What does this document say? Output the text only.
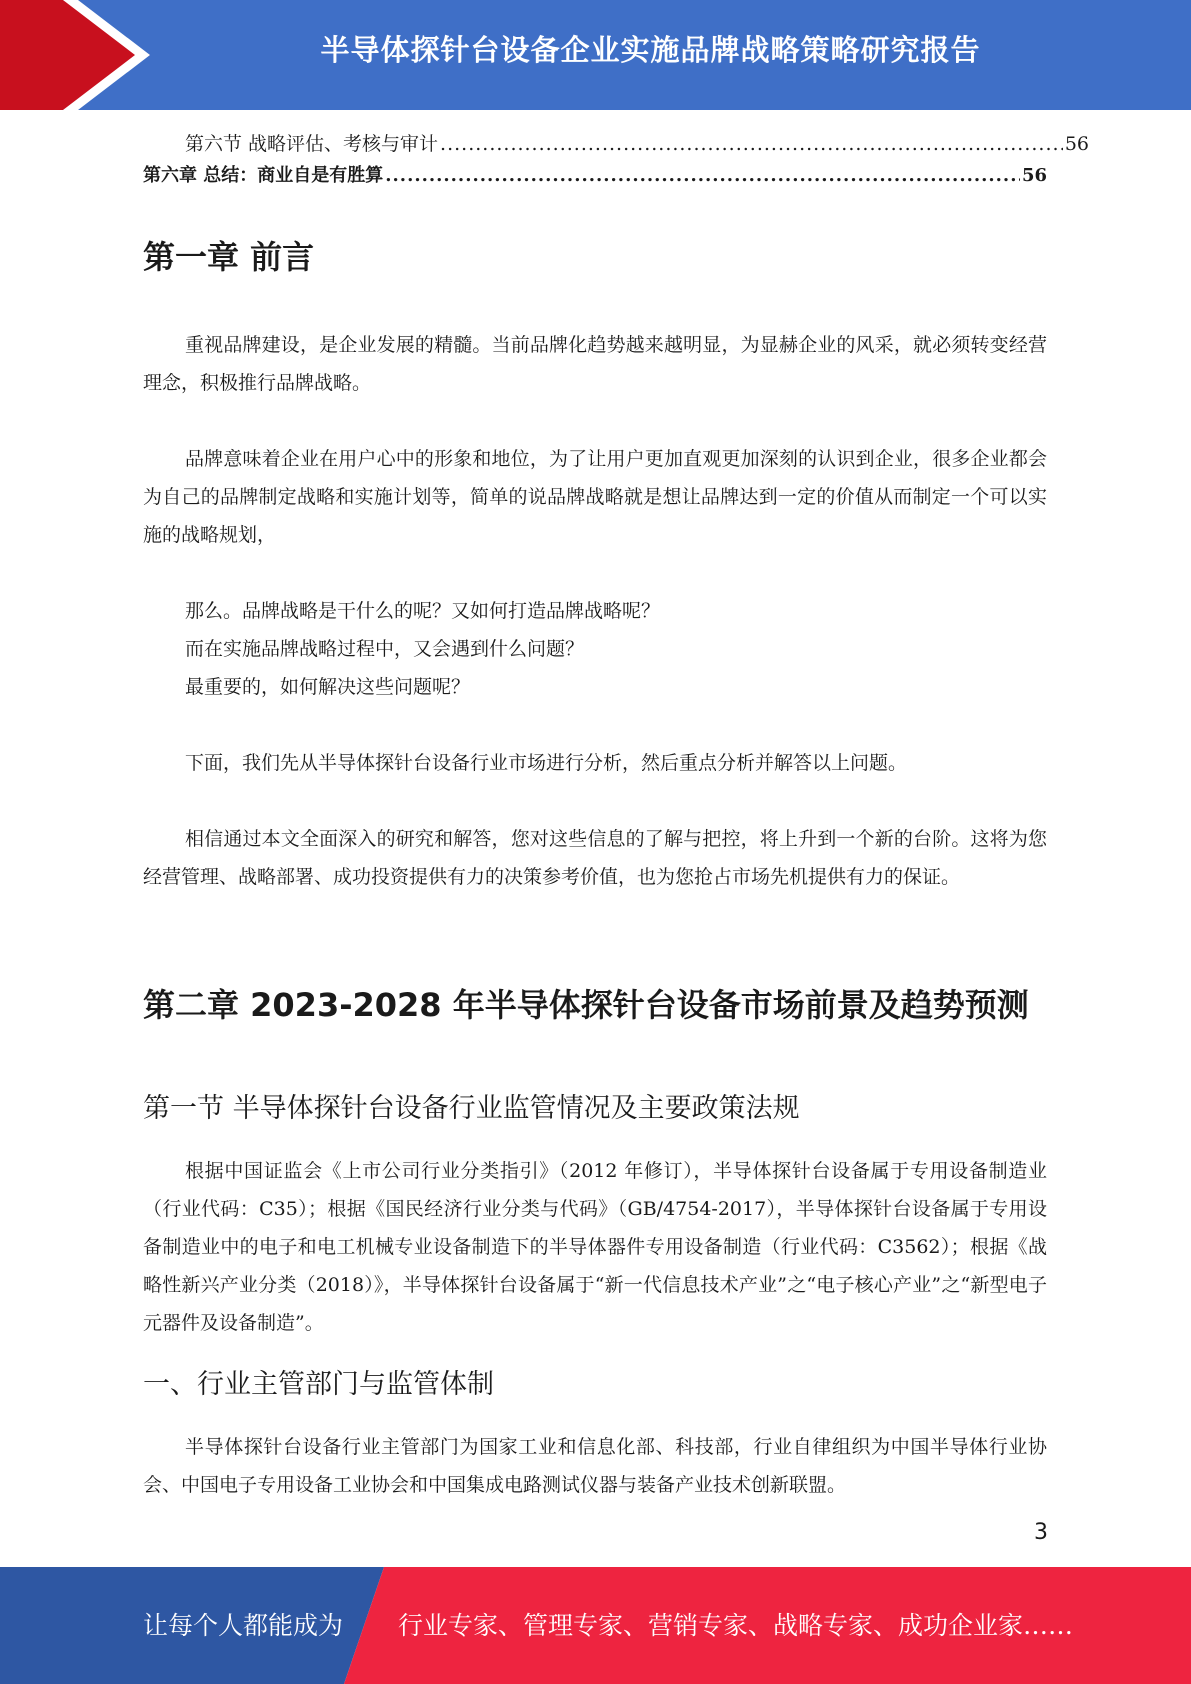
半导体探针台设备企业实施品牌战略策略研究报告
第六节 战略评估、考核与审计 .....	56
第六章 总结：商业自是有胜算 .....	56
第一章 前言

重视品牌建设，是企业发展的精髓。当前品牌化趋势越来越明显，为显赫企业的风采，就必须转变经营理念，积极推行品牌战略。

品牌意味着企业在用户心中的形象和地位，为了让用户更加直观更加深刻的认识到企业，很多企业都会为自己的品牌制定战略和实施计划等，简单的说品牌战略就是想让品牌达到一定的价值从而制定一个可以实施的战略规划，

那么。品牌战略是干什么的呢？又如何打造品牌战略呢？

而在实施品牌战略过程中，又会遇到什么问题？

最重要的，如何解决这些问题呢？

下面，我们先从半导体探针台设备行业市场进行分析，然后重点分析并解答以上问题。

相信通过本文全面深入的研究和解答，您对这些信息的了解与把控，将上升到一个新的台阶。这将为您经营管理、战略部署、成功投资提供有力的决策参考价值，也为您抢占市场先机提供有力的保证。

第二章 2023-2028 年半导体探针台设备市场前景及趋势预测
第一节 半导体探针台设备行业监管情况及主要政策法规

根据中国证监会《上市公司行业分类指引》（2012 年修订），半导体探针台设备属于专用设备制造业（行业代码：C35）；根据《国民经济行业分类与代码》（GB/4754-2017），半导体探针台设备属于专用设备制造业中的电子和电工机械专业设备制造下的半导体器件专用设备制造（行业代码：C3562）；根据《战略性新兴产业分类（2018）》，半导体探针台设备属于“新一代信息技术产业”之“电子核心产业”之“新型电子元器件及设备制造”。

一、行业主管部门与监管体制

半导体探针台设备行业主管部门为国家工业和信息化部、科技部，行业自律组织为中国半导体行业协会、中国电子专用设备工业协会和中国集成电路测试仪器与装备产业技术创新联盟。

3
让每个人都能成为 行业专家、管理专家、营销专家、战略专家、成功企业家……
